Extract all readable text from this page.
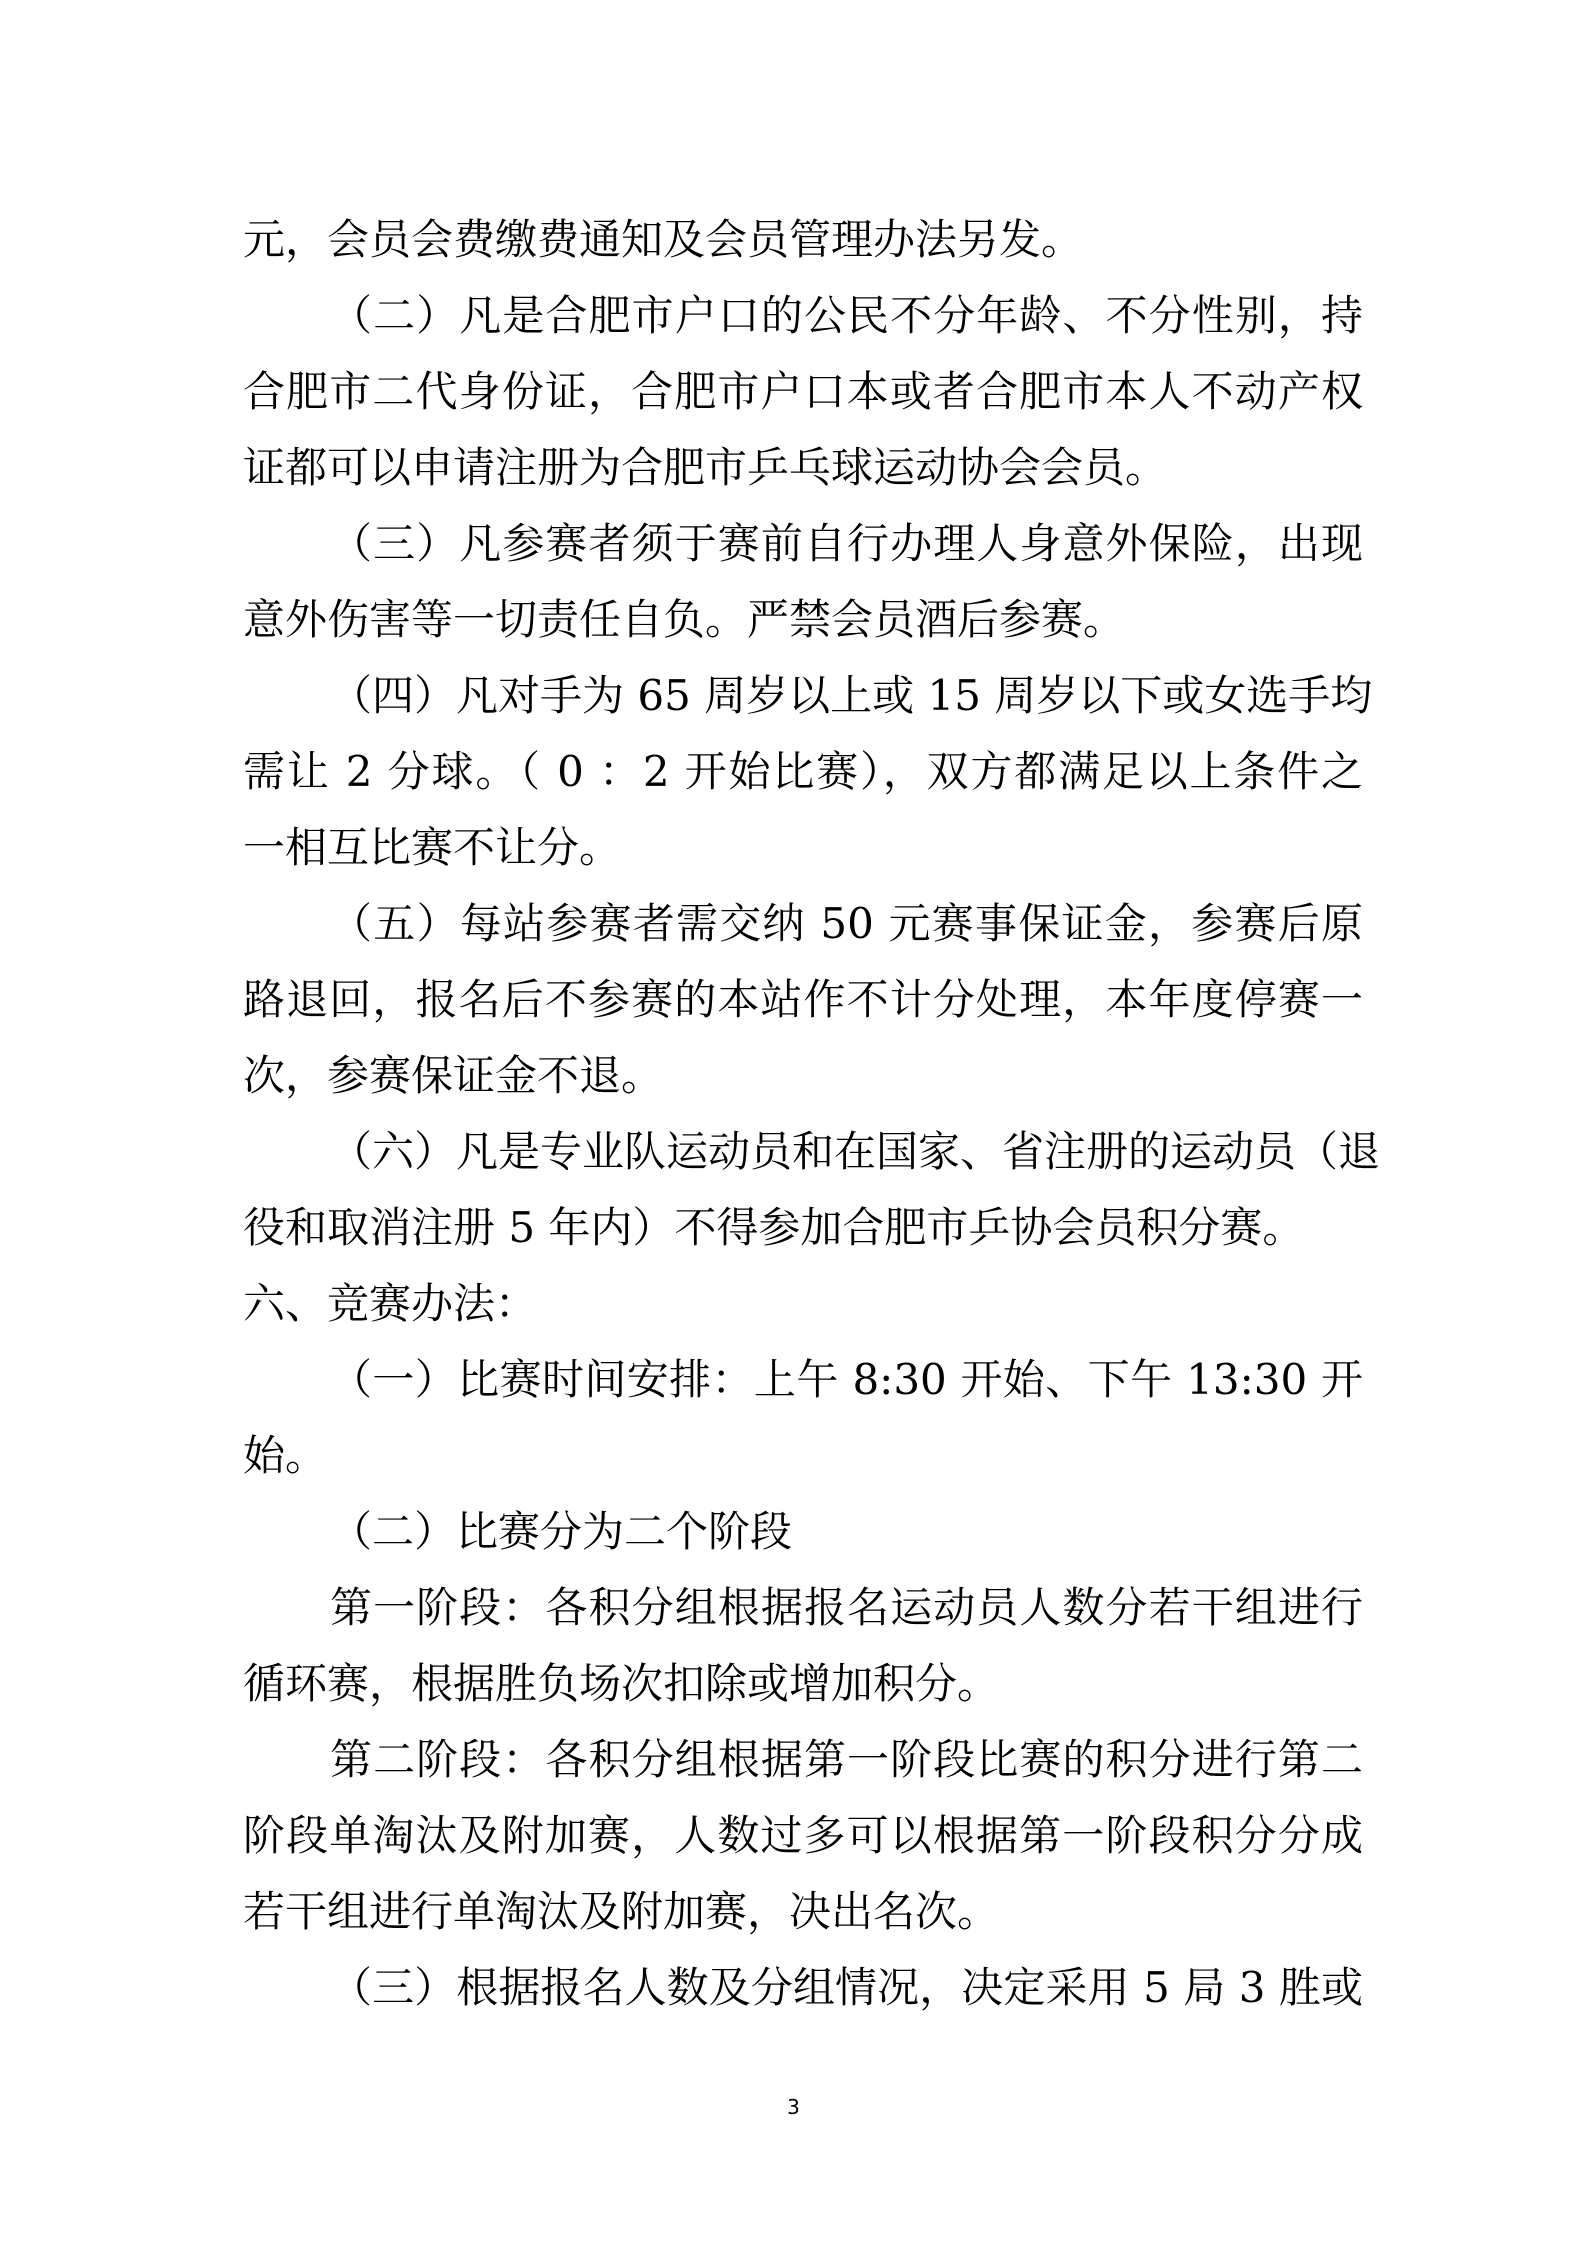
元，会员会费缴费通知及会员管理办法另发。
（二）凡是合肥市户口的公民不分年龄、不分性别，持
合肥市二代身份证，合肥市户口本或者合肥市本人不动产权
证都可以申请注册为合肥市乒乓球运动协会会员。
（三）凡参赛者须于赛前自行办理人身意外保险，出现
意外伤害等一切责任自负。严禁会员酒后参赛。
（四）凡对手为 65 周岁以上或 15 周岁以下或女选手均
需让 2 分球。（ 0 ：2 开始比赛），双方都满足以上条件之
一相互比赛不让分。
（五）每站参赛者需交纳 50 元赛事保证金，参赛后原
路退回，报名后不参赛的本站作不计分处理，本年度停赛一
次，参赛保证金不退。
（六）凡是专业队运动员和在国家、省注册的运动员（退
役和取消注册 5 年内）不得参加合肥市乒协会员积分赛。
六、竞赛办法：
（一）比赛时间安排：上午 8:30 开始、下午 13:30 开
始。
（二）比赛分为二个阶段
第一阶段：各积分组根据报名运动员人数分若干组进行
循环赛，根据胜负场次扣除或增加积分。
第二阶段：各积分组根据第一阶段比赛的积分进行第二
阶段单淘汰及附加赛，人数过多可以根据第一阶段积分分成
若干组进行单淘汰及附加赛，决出名次。
（三）根据报名人数及分组情况，决定采用 5 局 3 胜或
3
